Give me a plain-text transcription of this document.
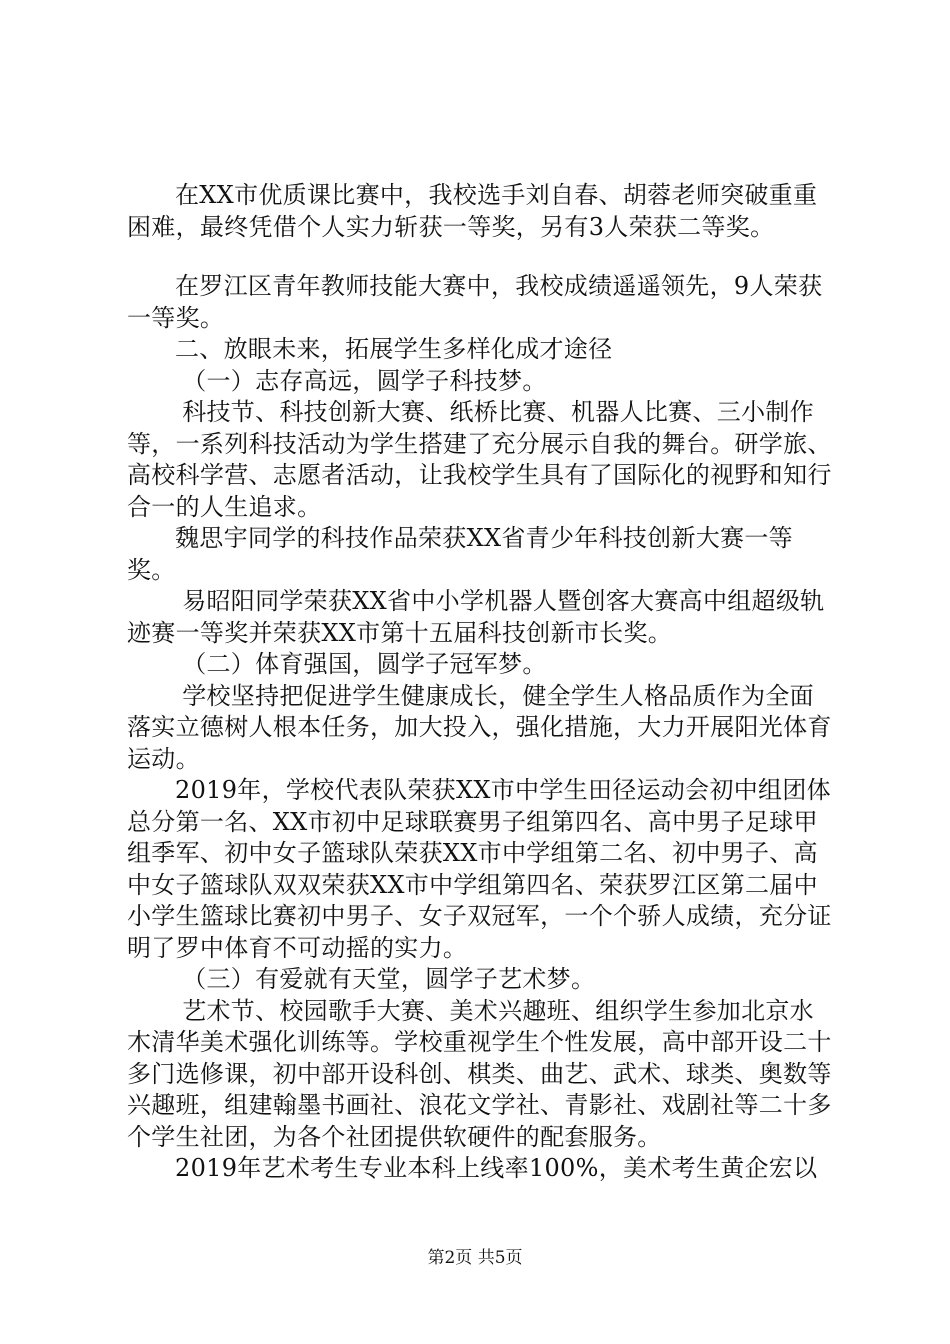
在XX市优质课比赛中，我校选手刘自春、胡蓉老师突破重重困难，最终凭借个人实力斩获一等奖，另有3人荣获二等奖。

在罗江区青年教师技能大赛中，我校成绩遥遥领先，9人荣获一等奖。

二、放眼未来，拓展学生多样化成才途径

（一）志存高远，圆学子科技梦。

科技节、科技创新大赛、纸桥比赛、机器人比赛、三小制作等，一系列科技活动为学生搭建了充分展示自我的舞台。研学旅、高校科学营、志愿者活动，让我校学生具有了国际化的视野和知行合一的人生追求。

魏思宇同学的科技作品荣获XX省青少年科技创新大赛一等奖。

易昭阳同学荣获XX省中小学机器人暨创客大赛高中组超级轨迹赛一等奖并荣获XX市第十五届科技创新市长奖。

（二）体育强国，圆学子冠军梦。

学校坚持把促进学生健康成长，健全学生人格品质作为全面落实立德树人根本任务，加大投入，强化措施，大力开展阳光体育运动。

2019年，学校代表队荣获XX市中学生田径运动会初中组团体总分第一名、XX市初中足球联赛男子组第四名、高中男子足球甲组季军、初中女子篮球队荣获XX市中学组第二名、初中男子、高中女子篮球队双双荣获XX市中学组第四名、荣获罗江区第二届中小学生篮球比赛初中男子、女子双冠军，一个个骄人成绩，充分证明了罗中体育不可动摇的实力。

（三）有爱就有天堂，圆学子艺术梦。

艺术节、校园歌手大赛、美术兴趣班、组织学生参加北京水木清华美术强化训练等。学校重视学生个性发展，高中部开设二十多门选修课，初中部开设科创、棋类、曲艺、武术、球类、奥数等兴趣班，组建翰墨书画社、浪花文学社、青影社、戏剧社等二十多个学生社团，为各个社团提供软硬件的配套服务。

2019年艺术考生专业本科上线率100%，美术考生黄企宏以

第2页 共5页
